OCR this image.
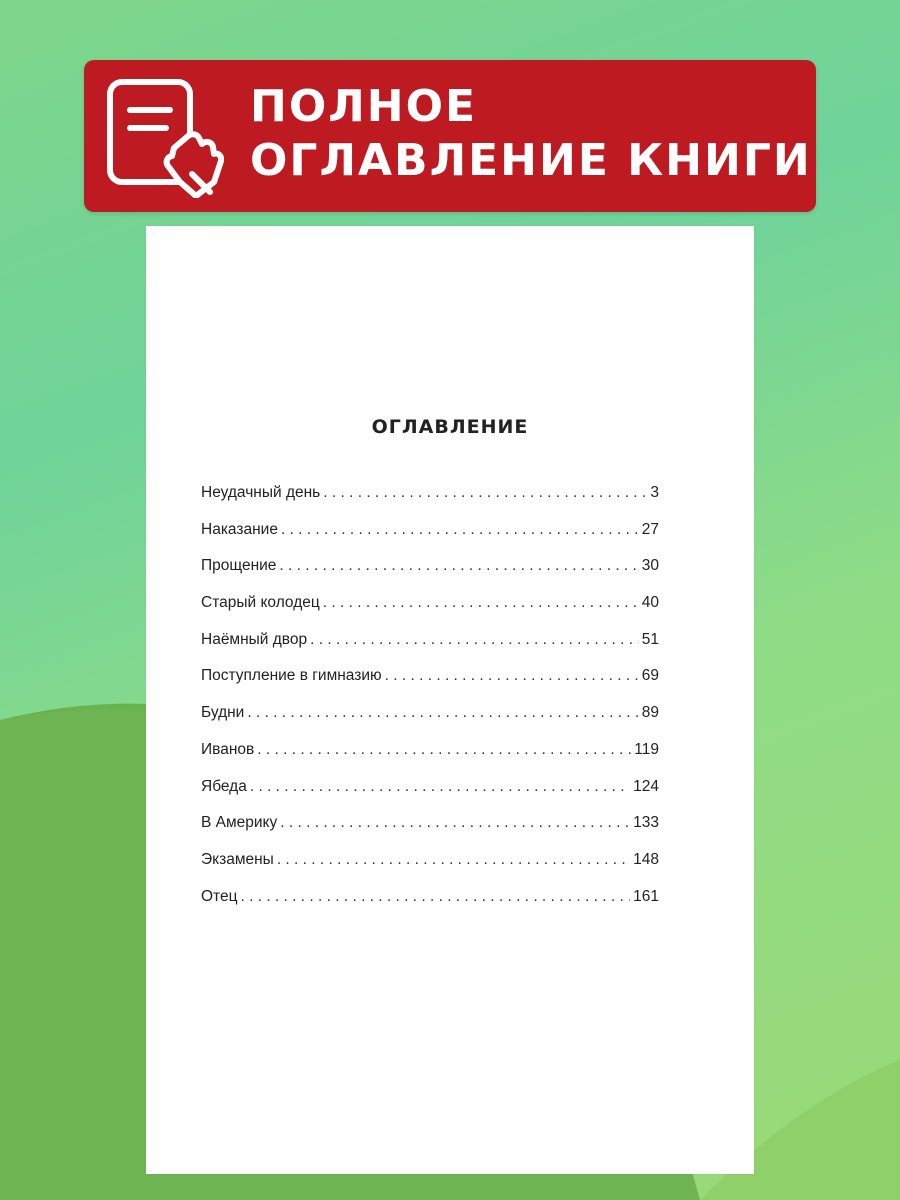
ПОЛНОЕ
ОГЛАВЛЕНИЕ КНИГИ
ОГЛАВЛЕНИЕ
Неудачный день . . .	3
Наказание . . .	27
Прощение . . .	30
Старый колодец . . .	40
Наёмный двор . . .	51
Поступление в гимназию . . .	69
Будни . . .	89
Иванов . . .	119
Ябеда . . .	124
В Америку . . .	133
Экзамены . . .	148
Отец . . .	161
